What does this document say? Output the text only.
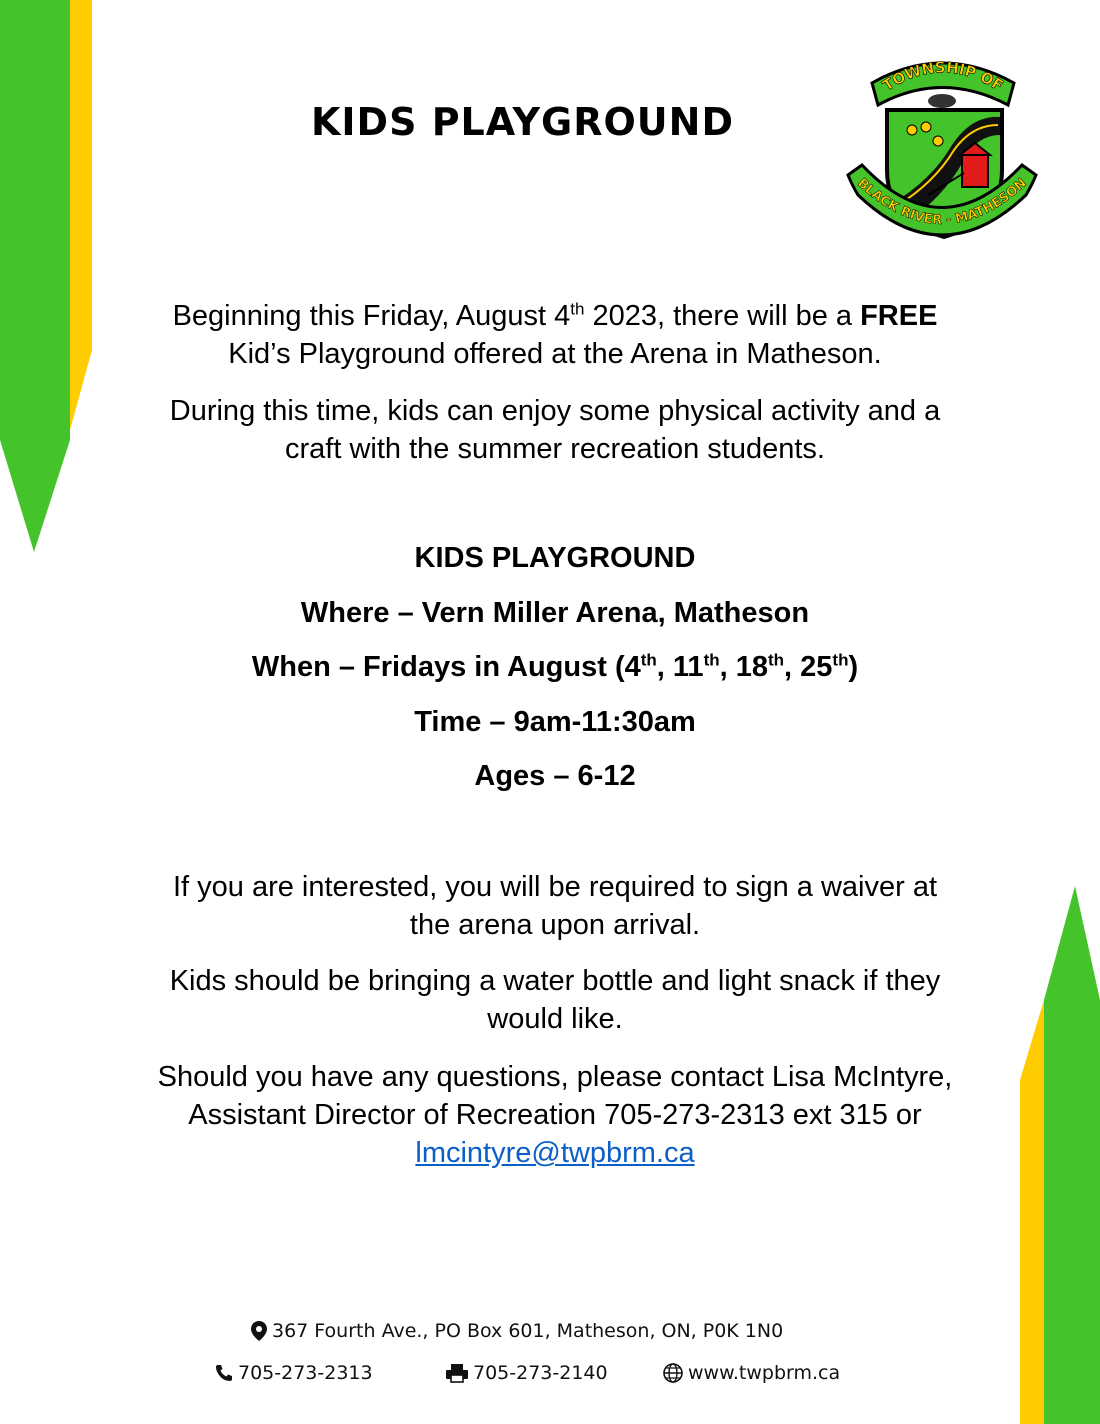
KIDS PLAYGROUND
TOWNSHIP OF
BLACK RIVER - MATHESON
Beginning this Friday, August 4th 2023, there will be a FREE
Kid’s Playground offered at the Arena in Matheson.
During this time, kids can enjoy some physical activity and a
craft with the summer recreation students.
KIDS PLAYGROUND
Where – Vern Miller Arena, Matheson
When – Fridays in August (4th, 11th, 18th, 25th)
Time – 9am-11:30am
Ages – 6-12
If you are interested, you will be required to sign a waiver at
the arena upon arrival.
Kids should be bringing a water bottle and light snack if they
would like.
Should you have any questions, please contact Lisa McIntyre,
Assistant Director of Recreation 705-273-2313 ext 315 or
lmcintyre@twpbrm.ca
367 Fourth Ave., PO Box 601, Matheson, ON, P0K 1N0
705-273-2313	705-273-2140	www.twpbrm.ca
